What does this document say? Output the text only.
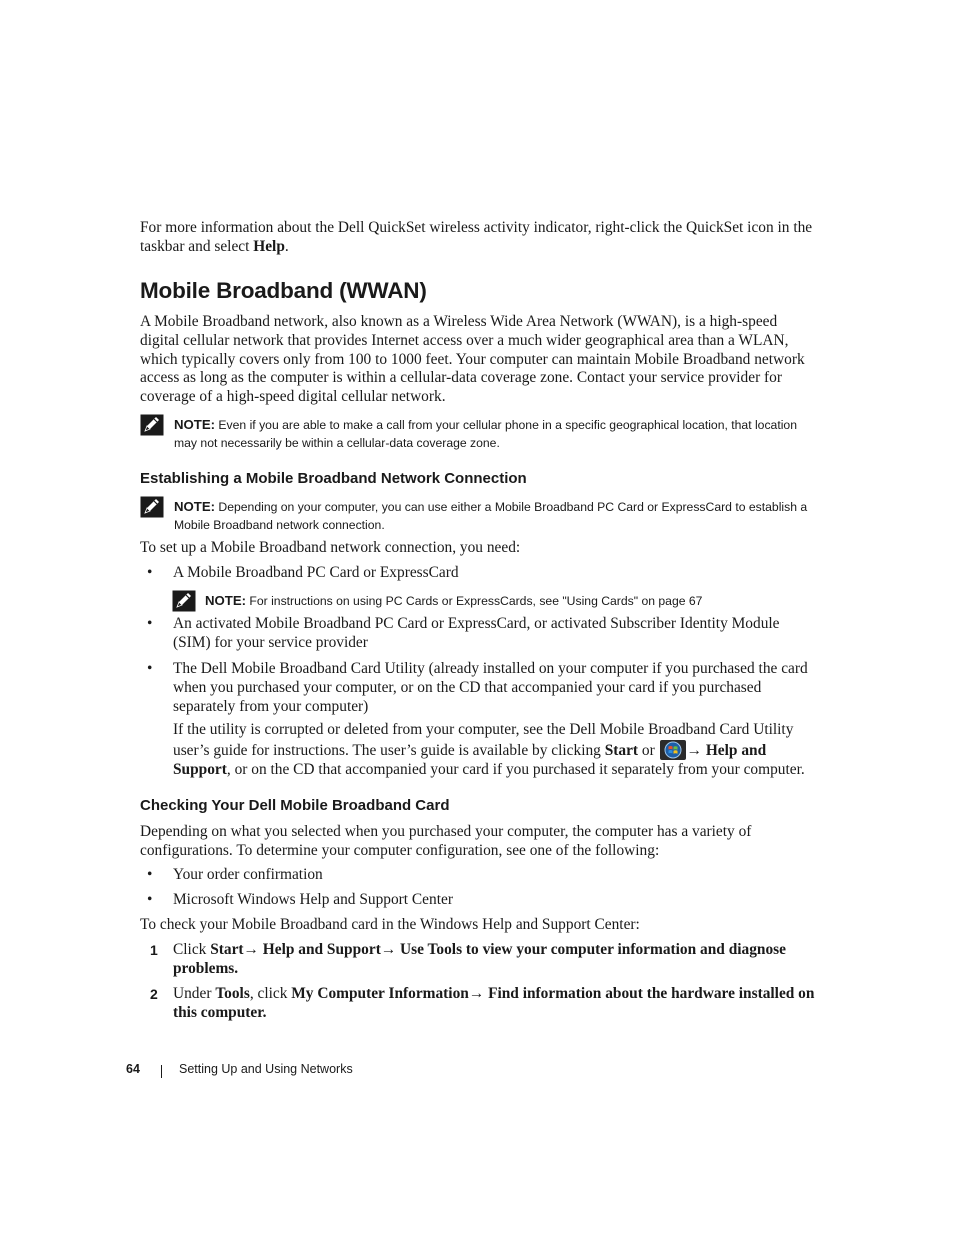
For more information about the Dell QuickSet wireless activity indicator, right-click the QuickSet icon in the taskbar and select Help.

Mobile Broadband (WWAN)

A Mobile Broadband network, also known as a Wireless Wide Area Network (WWAN), is a high-speed digital cellular network that provides Internet access over a much wider geographical area than a WLAN, which typically covers only from 100 to 1000 feet. Your computer can maintain Mobile Broadband network access as long as the computer is within a cellular-data coverage zone. Contact your service provider for coverage of a high-speed digital cellular network.

NOTE: Even if you are able to make a call from your cellular phone in a specific geographical location, that location may not necessarily be within a cellular-data coverage zone.
Establishing a Mobile Broadband Network Connection
NOTE: Depending on your computer, you can use either a Mobile Broadband PC Card or ExpressCard to establish a Mobile Broadband network connection.

To set up a Mobile Broadband network connection, you need:

• A Mobile Broadband PC Card or ExpressCard
NOTE: For instructions on using PC Cards or ExpressCards, see "Using Cards" on page 67
• An activated Mobile Broadband PC Card or ExpressCard, or activated Subscriber Identity Module (SIM) for your service provider
• The Dell Mobile Broadband Card Utility (already installed on your computer if you purchased the card when you purchased your computer, or on the CD that accompanied your card if you purchased separately from your computer)

If the utility is corrupted or deleted from your computer, see the Dell Mobile Broadband Card Utility user’s guide for instructions. The user’s guide is available by clicking Start or → Help and Support, or on the CD that accompanied your card if you purchased it separately from your computer.

Checking Your Dell Mobile Broadband Card

Depending on what you selected when you purchased your computer, the computer has a variety of configurations. To determine your computer configuration, see one of the following:

• Your order confirmation
• Microsoft Windows Help and Support Center

To check your Mobile Broadband card in the Windows Help and Support Center:

1 Click Start→ Help and Support→ Use Tools to view your computer information and diagnose problems.
2 Under Tools, click My Computer Information→ Find information about the hardware installed on this computer.
64	Setting Up and Using Networks
